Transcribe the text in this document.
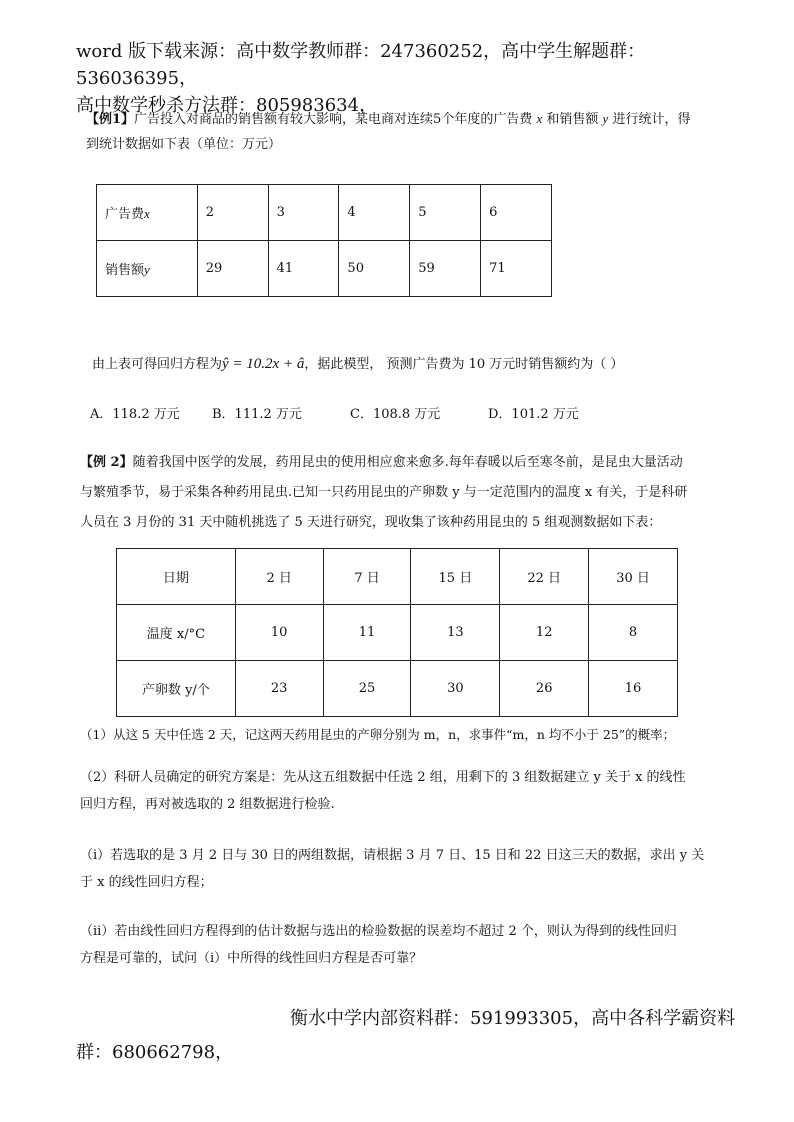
word 版下载来源：高中数学教师群：247360252，高中学生解题群：536036395，
高中数学秒杀方法群：805983634，
【例1】广告投入对商品的销售额有较大影响，某电商对连续5个年度的广告费 x 和销售额 y 进行统计，得
到统计数据如下表（单位：万元）
广告费x	2	3	4	5	6
销售额y	29	41	50	59	71
由上表可得回归方程为ŷ = 10.2x + â，据此模型， 预测广告费为 10 万元时销售额约为（ ）
A．118.2 万元 B．111.2 万元	C．108.8 万元	D．101.2 万元
【例 2】随着我国中医学的发展，药用昆虫的使用相应愈来愈多.每年春暖以后至寒冬前，是昆虫大量活动
与繁殖季节，易于采集各种药用昆虫.已知一只药用昆虫的产卵数 y 与一定范围内的温度 x 有关，于是科研
人员在 3 月份的 31 天中随机挑选了 5 天进行研究，现收集了该种药用昆虫的 5 组观测数据如下表：
日期	2 日	7 日	15 日	22 日	30 日
温度 x/°C	10	11	13	12	8
产卵数 y/个	23	25	30	26	16
（1）从这 5 天中任选 2 天，记这两天药用昆虫的产卵分别为 m，n，求事件“m，n 均不小于 25”的概率；
（2）科研人员确定的研究方案是：先从这五组数据中任选 2 组，用剩下的 3 组数据建立 y 关于 x 的线性
回归方程，再对被选取的 2 组数据进行检验.
（ⅰ）若选取的是 3 月 2 日与 30 日的两组数据，请根据 3 月 7 日、15 日和 22 日这三天的数据，求出 y 关
于 x 的线性回归方程；
（ⅱ）若由线性回归方程得到的估计数据与选出的检验数据的误差均不超过 2 个，则认为得到的线性回归
方程是可靠的，试问（ⅰ）中所得的线性回归方程是否可靠？
衡水中学内部资料群：591993305，高中各科学霸资料
群：680662798，
